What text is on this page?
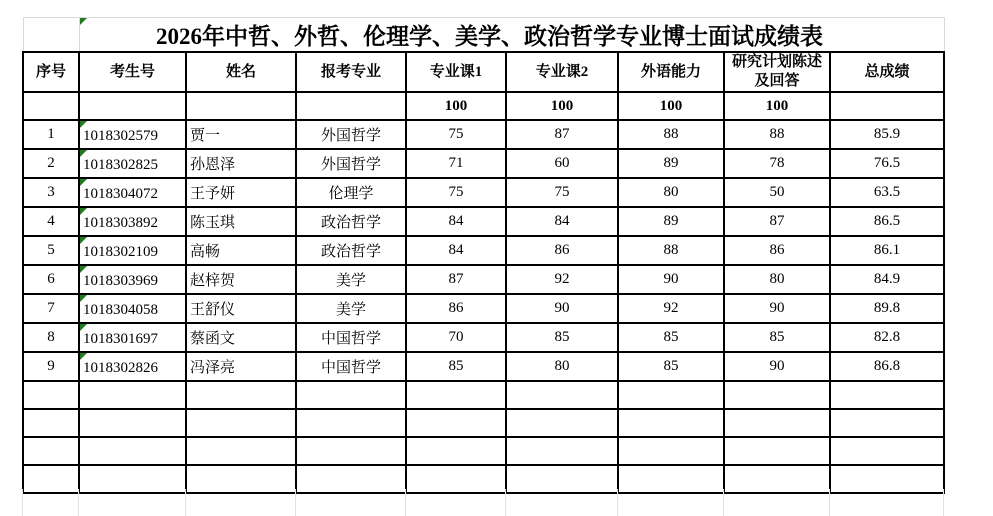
2026年中哲、外哲、伦理学、美学、政治哲学专业博士面试成绩表							
序号	考生号	姓名	报考专业	专业课1	专业课2	外语能力	研究计划陈述及回答	总成绩
				100	100	100	100	
1	1018302579	贾一	外国哲学	75	87	88	88	85.9
2	1018302825	孙恩泽	外国哲学	71	60	89	78	76.5
3	1018304072	王予妍	伦理学	75	75	80	50	63.5
4	1018303892	陈玉琪	政治哲学	84	84	89	87	86.5
5	1018302109	高畅	政治哲学	84	86	88	86	86.1
6	1018303969	赵梓贺	美学	87	92	90	80	84.9
7	1018304058	王舒仪	美学	86	90	92	90	89.8
8	1018301697	蔡函文	中国哲学	70	85	85	85	82.8
9	1018302826	冯泽亮	中国哲学	85	80	85	90	86.8
